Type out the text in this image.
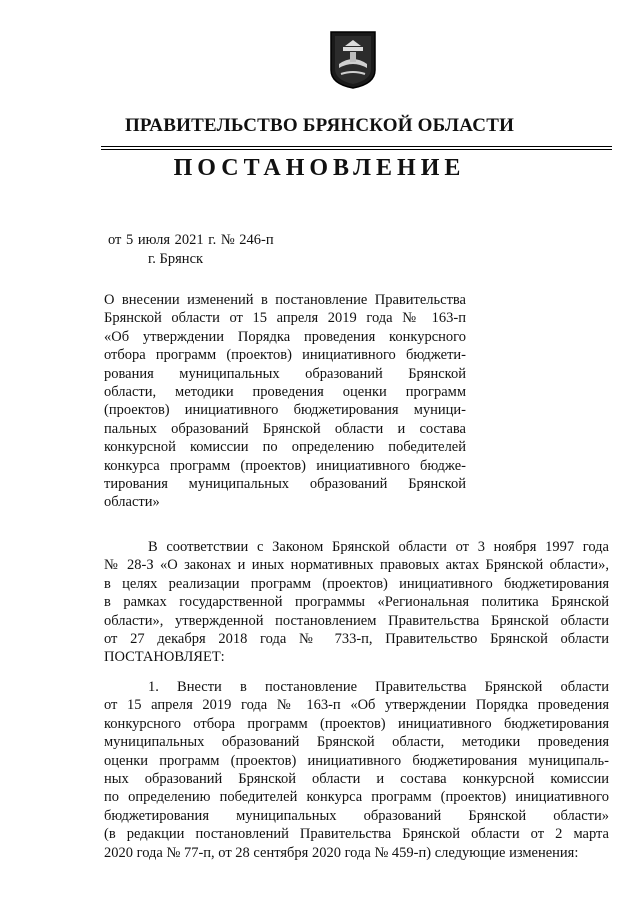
ПРАВИТЕЛЬСТВО БРЯНСКОЙ ОБЛАСТИ
ПОСТАНОВЛЕНИЕ
от 5 июля 2021 г. № 246-п
г. Брянск
О внесении изменений в постановление Правительства
Брянской области от 15 апреля 2019 года № 163-п
«Об утверждении Порядка проведения конкурсного
отбора программ (проектов) инициативного бюджети-
рования муниципальных образований Брянской
области, методики проведения оценки программ
(проектов) инициативного бюджетирования муници-
пальных образований Брянской области и состава
конкурсной комиссии по определению победителей
конкурса программ (проектов) инициативного бюдже-
тирования муниципальных образований Брянской
области»
В соответствии с Законом Брянской области от 3 ноября 1997 года
№ 28-З «О законах и иных нормативных правовых актах Брянской области»,
в целях реализации программ (проектов) инициативного бюджетирования
в рамках государственной программы «Региональная политика Брянской
области», утвержденной постановлением Правительства Брянской области
от 27 декабря 2018 года № 733-п, Правительство Брянской области
ПОСТАНОВЛЯЕТ:
1. Внести в постановление Правительства Брянской области
от 15 апреля 2019 года № 163-п «Об утверждении Порядка проведения
конкурсного отбора программ (проектов) инициативного бюджетирования
муниципальных образований Брянской области, методики проведения
оценки программ (проектов) инициативного бюджетирования муниципаль-
ных образований Брянской области и состава конкурсной комиссии
по определению победителей конкурса программ (проектов) инициативного
бюджетирования муниципальных образований Брянской области»
(в редакции постановлений Правительства Брянской области от 2 марта
2020 года № 77-п, от 28 сентября 2020 года № 459-п) следующие изменения:
